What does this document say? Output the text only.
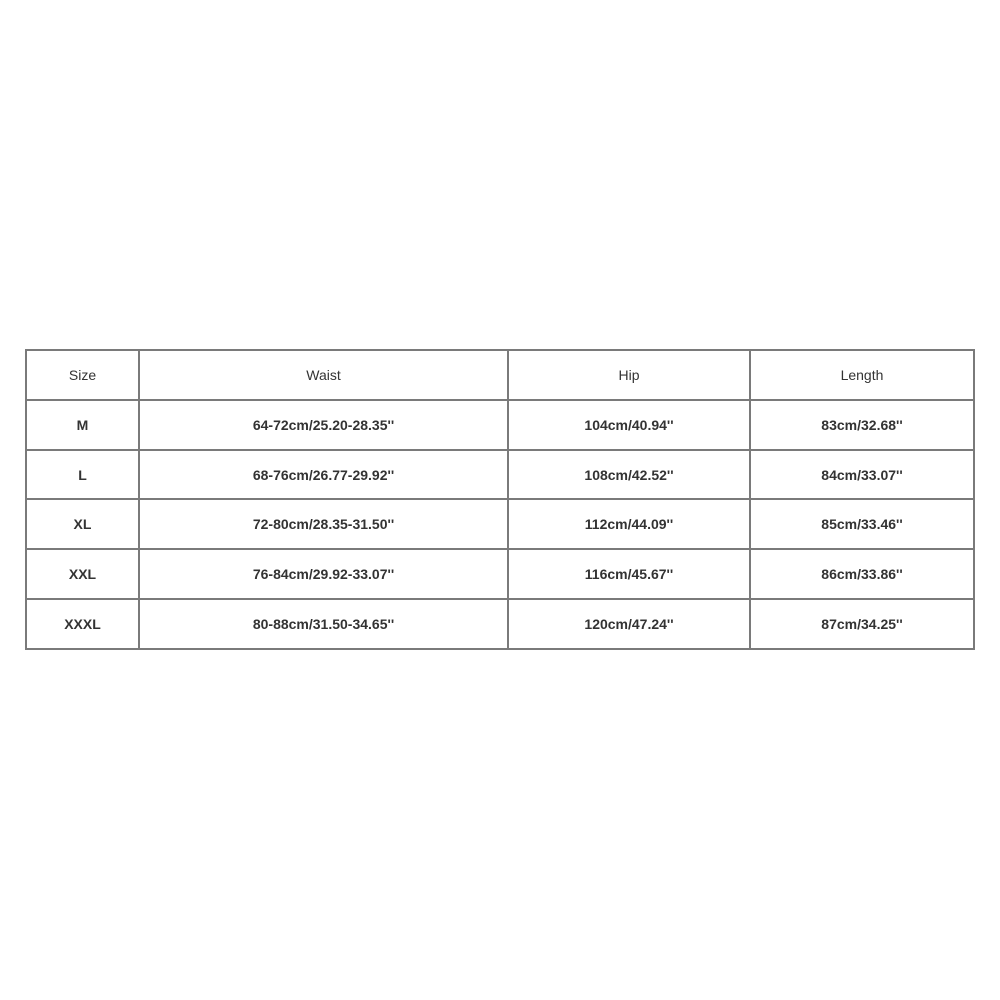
Size	Waist	Hip	Length
M	64-72cm/25.20-28.35''	104cm/40.94''	83cm/32.68''
L	68-76cm/26.77-29.92''	108cm/42.52''	84cm/33.07''
XL	72-80cm/28.35-31.50''	112cm/44.09''	85cm/33.46''
XXL	76-84cm/29.92-33.07''	116cm/45.67''	86cm/33.86''
XXXL	80-88cm/31.50-34.65''	120cm/47.24''	87cm/34.25''
